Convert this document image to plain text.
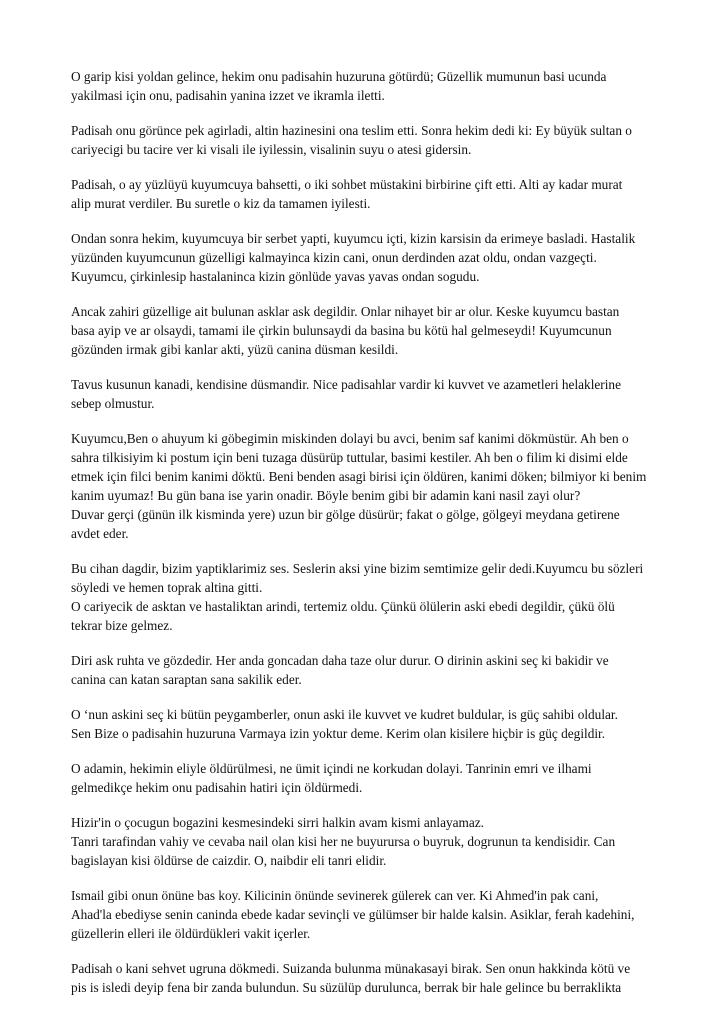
O garip kisi yoldan gelince, hekim onu padisahin huzuruna götürdü; Güzellik mumunun basi ucunda
yakilmasi için onu, padisahin yanina izzet ve ikramla iletti.
Padisah onu görünce pek agirladi, altin hazinesini ona teslim etti. Sonra hekim dedi ki: Ey büyük sultan o
cariyecigi bu tacire ver ki visali ile iyilessin, visalinin suyu o atesi gidersin.
Padisah, o ay yüzlüyü kuyumcuya bahsetti, o iki sohbet müstakini birbirine çift etti. Alti ay kadar murat
alip murat verdiler. Bu suretle o kiz da tamamen iyilesti.
Ondan sonra hekim, kuyumcuya bir serbet yapti, kuyumcu içti, kizin karsisin da erimeye basladi. Hastalik
yüzünden kuyumcunun güzelligi kalmayinca kizin cani, onun derdinden azat oldu, ondan vazgeçti.
Kuyumcu, çirkinlesip hastalaninca kizin gönlüde yavas yavas ondan sogudu.
Ancak zahiri güzellige ait bulunan asklar ask degildir. Onlar nihayet bir ar olur. Keske kuyumcu bastan
basa ayip ve ar olsaydi, tamami ile çirkin bulunsaydi da basina bu kötü hal gelmeseydi! Kuyumcunun
gözünden irmak gibi kanlar akti, yüzü canina düsman kesildi.
Tavus kusunun kanadi, kendisine düsmandir. Nice padisahlar vardir ki kuvvet ve azametleri helaklerine
sebep olmustur.
Kuyumcu,Ben o ahuyum ki göbegimin miskinden dolayi bu avci, benim saf kanimi dökmüstür. Ah ben o
sahra tilkisiyim ki postum için beni tuzaga düsürüp tuttular, basimi kestiler. Ah ben o filim ki disimi elde
etmek için filci benim kanimi döktü. Beni benden asagi birisi için öldüren, kanimi döken; bilmiyor ki benim
kanim uyumaz! Bu gün bana ise yarin onadir. Böyle benim gibi bir adamin kani nasil zayi olur?
Duvar gerçi (günün ilk kisminda yere) uzun bir gölge düsürür; fakat o gölge, gölgeyi meydana getirene
avdet eder.
Bu cihan dagdir, bizim yaptiklarimiz ses. Seslerin aksi yine bizim semtimize gelir dedi.Kuyumcu bu sözleri
söyledi ve hemen toprak altina gitti.
O cariyecik de asktan ve hastaliktan arindi, tertemiz oldu. Çünkü ölülerin aski ebedi degildir, çükü ölü
tekrar bize gelmez.
Diri ask ruhta ve gözdedir. Her anda goncadan daha taze olur durur. O dirinin askini seç ki bakidir ve
canina can katan saraptan sana sakilik eder.
O ‘nun askini seç ki bütün peygamberler, onun aski ile kuvvet ve kudret buldular, is güç sahibi oldular.
Sen Bize o padisahin huzuruna Varmaya izin yoktur deme. Kerim olan kisilere hiçbir is güç degildir.
O adamin, hekimin eliyle öldürülmesi, ne ümit içindi ne korkudan dolayi. Tanrinin emri ve ilhami
gelmedikçe hekim onu padisahin hatiri için öldürmedi.
Hizir'in o çocugun bogazini kesmesindeki sirri halkin avam kismi anlayamaz.
Tanri tarafindan vahiy ve cevaba nail olan kisi her ne buyurursa o buyruk, dogrunun ta kendisidir. Can
bagislayan kisi öldürse de caizdir. O, naibdir eli tanri elidir.
Ismail gibi onun önüne bas koy. Kilicinin önünde sevinerek gülerek can ver. Ki Ahmed'in pak cani,
Ahad'la ebediyse senin caninda ebede kadar sevinçli ve gülümser bir halde kalsin. Asiklar, ferah kadehini,
güzellerin elleri ile öldürdükleri vakit içerler.
Padisah o kani sehvet ugruna dökmedi. Suizanda bulunma münakasayi birak. Sen onun hakkinda kötü ve
pis is isledi deyip fena bir zanda bulundun. Su süzülüp durulunca, berrak bir hale gelince bu berraklikta
